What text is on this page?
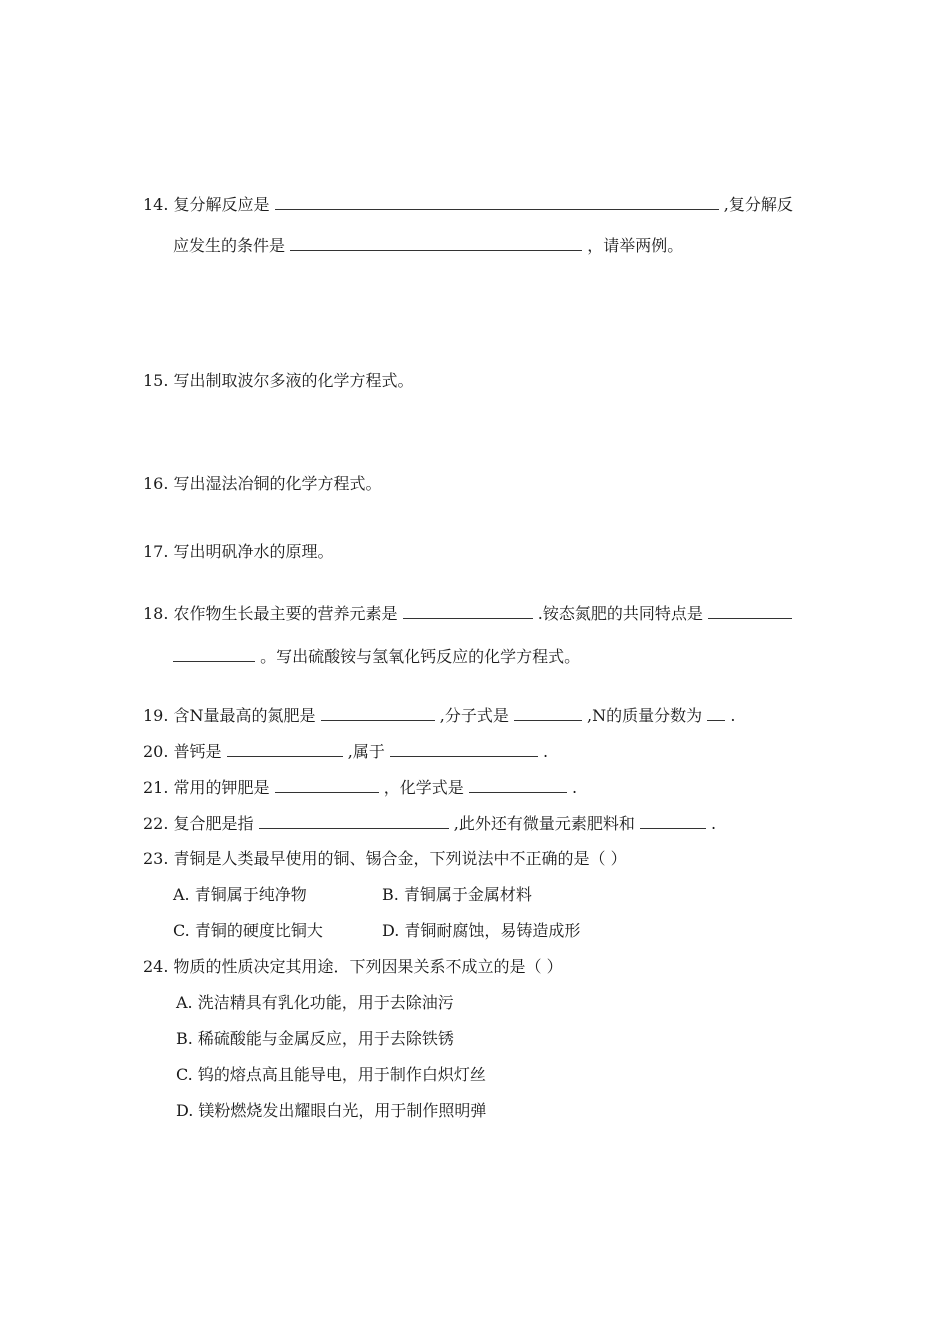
14. 复分解反应是	,复分解反
应发生的条件是	，请举两例。
15. 写出制取波尔多液的化学方程式。
16. 写出湿法冶铜的化学方程式。
17. 写出明矾净水的原理。
18. 农作物生长最主要的营养元素是	.铵态氮肥的共同特点是
。写出硫酸铵与氢氧化钙反应的化学方程式。
19. 含N量最高的氮肥是	,分子式是	,N的质量分数为 .
20. 普钙是	,属于	.
21. 常用的钾肥是	，化学式是	.
22. 复合肥是指	,此外还有微量元素肥料和	.
23. 青铜是人类最早使用的铜、锡合金，下列说法中不正确的是（ ）
A. 青铜属于纯净物	B. 青铜属于金属材料
C. 青铜的硬度比铜大	D. 青铜耐腐蚀，易铸造成形
24. 物质的性质决定其用途．下列因果关系不成立的是（ ）
A. 洗洁精具有乳化功能，用于去除油污
B. 稀硫酸能与金属反应，用于去除铁锈
C. 钨的熔点高且能导电，用于制作白炽灯丝
D. 镁粉燃烧发出耀眼白光，用于制作照明弹
